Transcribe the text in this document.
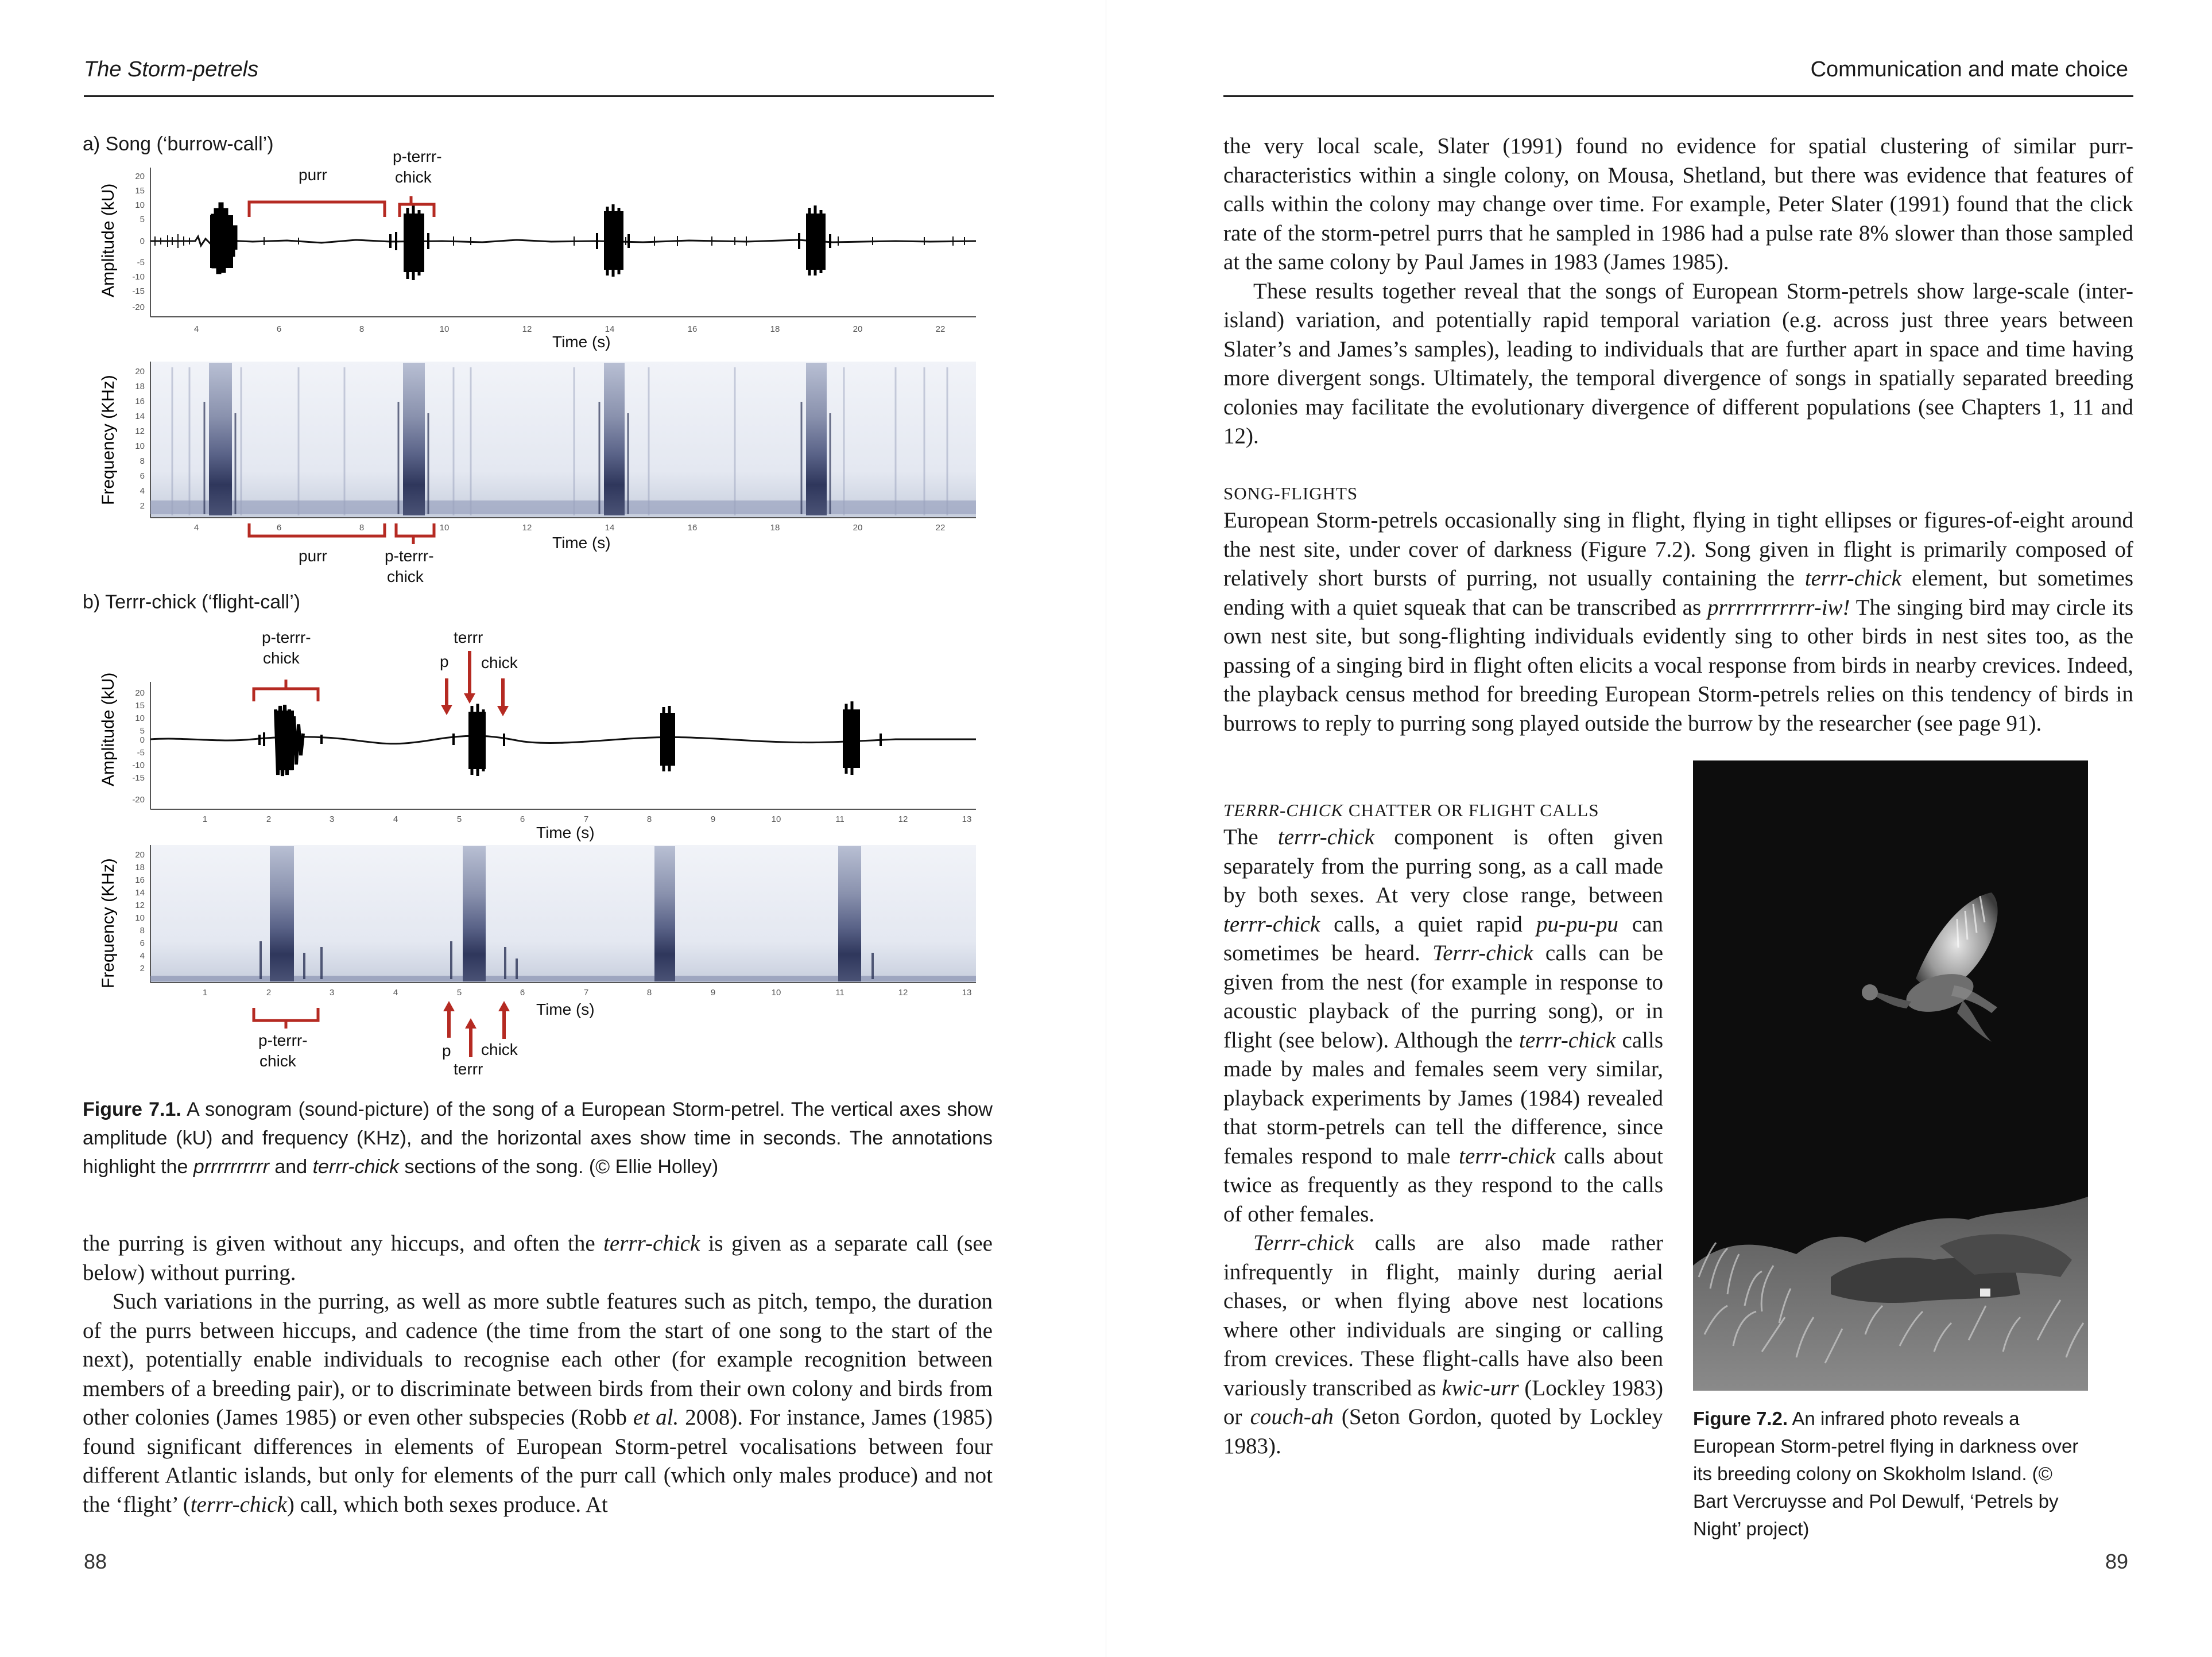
The Storm-petrels
a) Song (‘burrow-call’)
b) Terrr-chick (‘flight-call’)
Amplitude (kU)
20
15
10
5
0
-5
-10
-15
-20
4	6	8	10	12	14	16	18	20	22
Time (s)
purr
p-terrr-
chick
Frequency (KHz)
20
18
16
14
12
10
8
6
4
2
4	6	8	10	12	14	16	18	20	22
Time (s)
purr	p-terrr-
chick
Amplitude (kU) 20
15
10
5
0
-5
-10
-15
-20
1	2	3	4	5	6	7	8	9	10	11	12	13
p-terrr-
chick
terrr
p chick
Time (s)
Frequency (KHz)
20
18
16
14
12
10
8
6
4
2
1	2	3	4	5	6	7	8	9	10	11	12	13
Time (s)
p-terrr-
chick
p chick
terrr
Figure 7.1. A sonogram (sound-picture) of the song of a European Storm-petrel. The vertical axes show amplitude (kU) and frequency (KHz), and the horizontal axes show time in seconds. The annotations highlight the prrrrrrrrrr and terrr-chick sections of the song. (© Ellie Holley)

the purring is given without any hiccups, and often the terrr-chick is given as a separate call (see below) without purring.

Such variations in the purring, as well as more subtle features such as pitch, tempo, the duration of the purrs between hiccups, and cadence (the time from the start of one song to the start of the next), potentially enable individuals to recognise each other (for example recognition between members of a breeding pair), or to discriminate between birds from their own colony and birds from other colonies (James 1985) or even other subspecies (Robb et al. 2008). For instance, James (1985) found significant differences in elements of European Storm-petrel vocalisations between four different Atlantic islands, but only for elements of the purr call (which only males produce) and not the ‘flight’ (terrr-chick) call, which both sexes produce. At

88
Communication and mate choice

the very local scale, Slater (1991) found no evidence for spatial clustering of similar purr-characteristics within a single colony, on Mousa, Shetland, but there was evidence that features of calls within the colony may change over time. For example, Peter Slater (1991) found that the click rate of the storm-petrel purrs that he sampled in 1986 had a pulse rate 8% slower than those sampled at the same colony by Paul James in 1983 (James 1985).

These results together reveal that the songs of European Storm-petrels show large-scale (inter-island) variation, and potentially rapid temporal variation (e.g. across just three years between Slater’s and James’s samples), leading to individuals that are further apart in space and time having more divergent songs. Ultimately, the temporal divergence of songs in spatially separated breeding colonies may facilitate the evolutionary divergence of different populations (see Chapters 1, 11 and 12).

SONG-FLIGHTS

European Storm-petrels occasionally sing in flight, flying in tight ellipses or figures-of-eight around the nest site, under cover of darkness (Figure 7.2). Song given in flight is primarily composed of relatively short bursts of purring, not usually containing the terrr-chick element, but sometimes ending with a quiet squeak that can be transcribed as prrrrrrrrrrr-iw! The singing bird may circle its own nest site, but song-flighting individuals evidently sing to other birds in nest sites too, as the passing of a singing bird in flight often elicits a vocal response from birds in nearby crevices. Indeed, the playback census method for breeding European Storm-petrels relies on this tendency of birds in burrows to reply to purring song played outside the burrow by the researcher (see page 91).

TERRR-CHICK CHATTER OR FLIGHT CALLS

The terrr-chick component is often given separately from the purring song, as a call made by both sexes. At very close range, between terrr-chick calls, a quiet rapid pu-pu-pu can sometimes be heard. Terrr-chick calls can be given from the nest (for example in response to acoustic playback of the purring song), or in flight (see below). Although the terrr-chick calls made by males and females seem very similar, playback experiments by James (1984) revealed that storm-petrels can tell the difference, since females respond to male terrr-chick calls about twice as frequently as they respond to the calls of other females.

Terrr-chick calls are also made rather infrequently in flight, mainly during aerial chases, or when flying above nest locations where other individuals are singing or calling from crevices. These flight-calls have also been variously transcribed as kwic-urr (Lockley 1983) or couch-ah (Seton Gordon, quoted by Lockley 1983).

Figure 7.2. An infrared photo reveals a European Storm-petrel flying in darkness over its breeding colony on Skokholm Island. (© Bart Vercruysse and Pol Dewulf, ‘Petrels by Night’ project)
89
